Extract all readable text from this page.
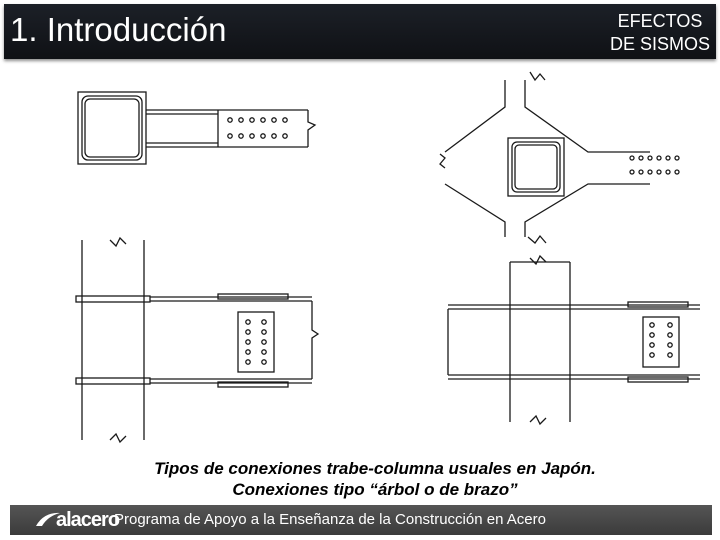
1. Introducción	EFECTOS
DE SISMOS
Tipos de conexiones trabe-columna usuales en Japón.
Conexiones tipo “árbol o de brazo”
alacero
Programa de Apoyo a la Enseñanza de la Construcción en Acero
